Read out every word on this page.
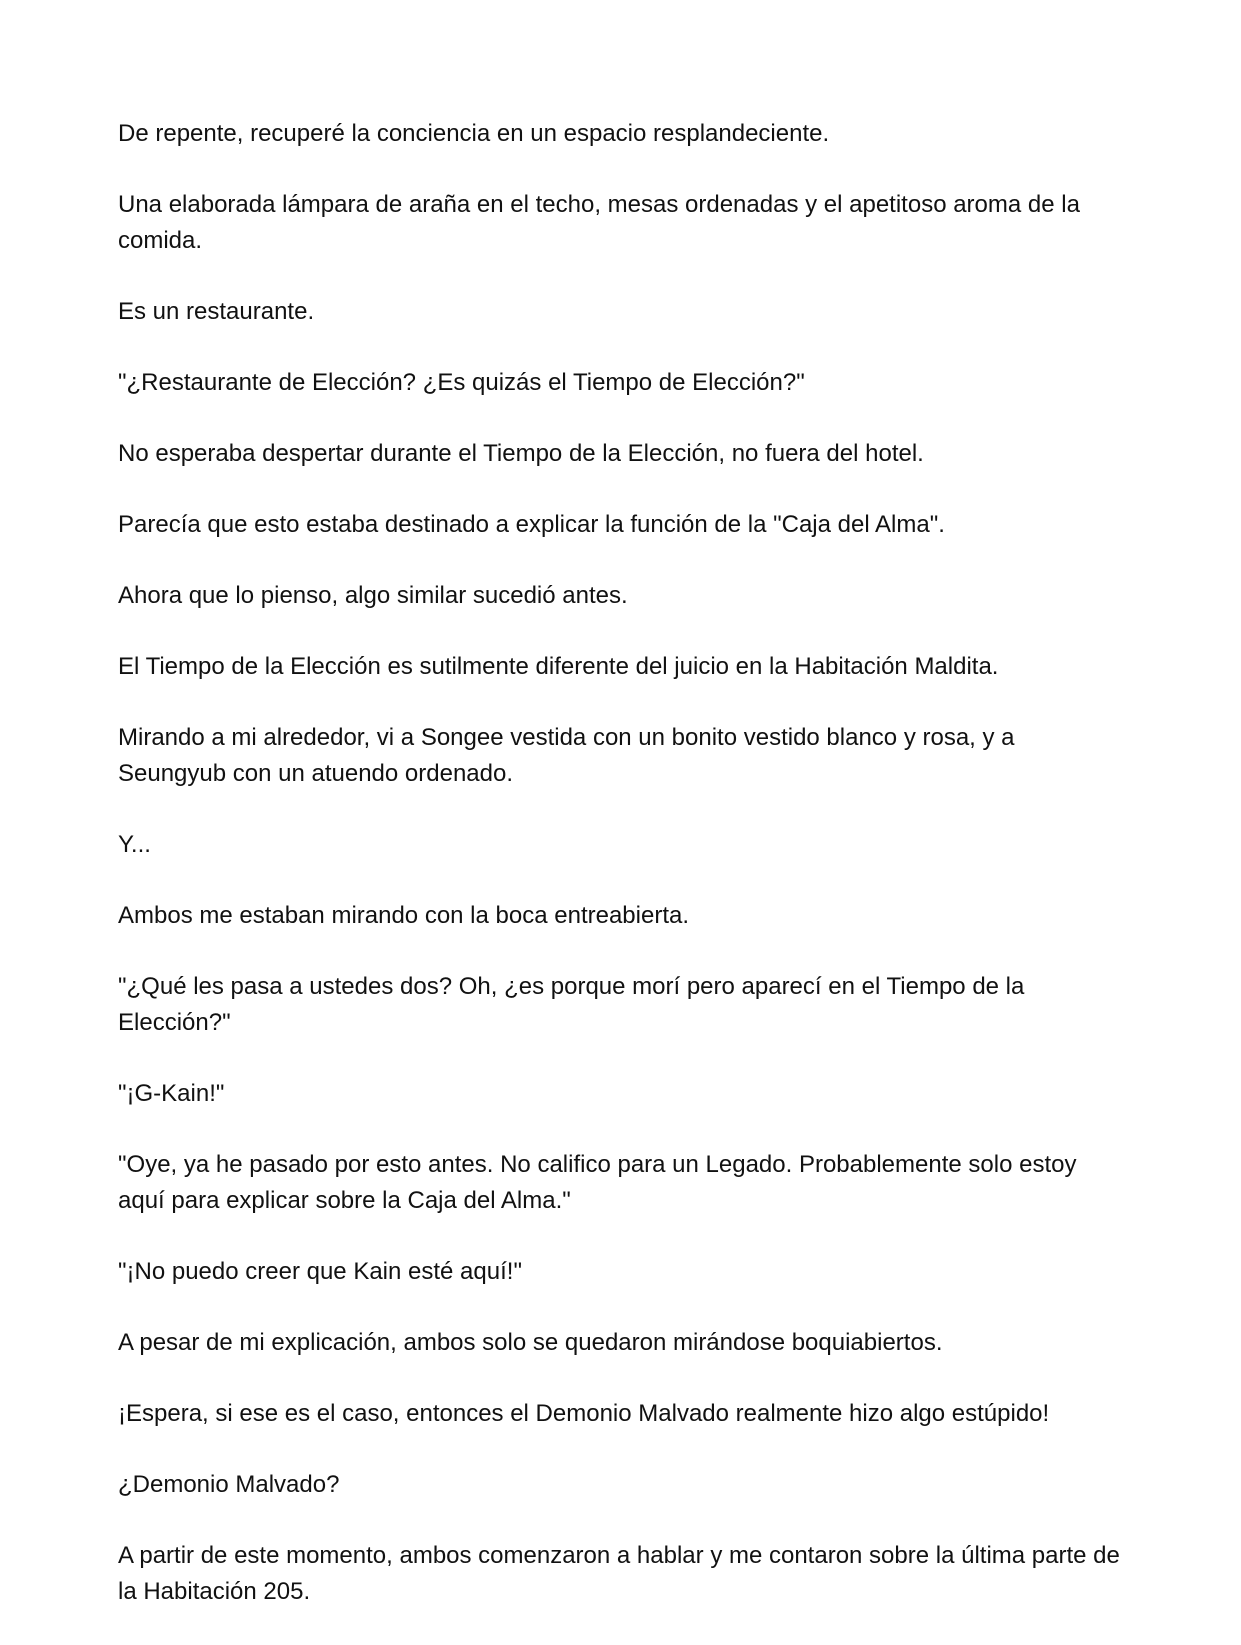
De repente, recuperé la conciencia en un espacio resplandeciente.

Una elaborada lámpara de araña en el techo, mesas ordenadas y el apetitoso aroma de la comida.

Es un restaurante.

"¿Restaurante de Elección? ¿Es quizás el Tiempo de Elección?"

No esperaba despertar durante el Tiempo de la Elección, no fuera del hotel.

Parecía que esto estaba destinado a explicar la función de la "Caja del Alma".

Ahora que lo pienso, algo similar sucedió antes.

El Tiempo de la Elección es sutilmente diferente del juicio en la Habitación Maldita.

Mirando a mi alrededor, vi a Songee vestida con un bonito vestido blanco y rosa, y a Seungyub con un atuendo ordenado.

Y...

Ambos me estaban mirando con la boca entreabierta.

"¿Qué les pasa a ustedes dos? Oh, ¿es porque morí pero aparecí en el Tiempo de la Elección?"

"¡G-Kain!"

"Oye, ya he pasado por esto antes. No califico para un Legado. Probablemente solo estoy aquí para explicar sobre la Caja del Alma."

"¡No puedo creer que Kain esté aquí!"

A pesar de mi explicación, ambos solo se quedaron mirándose boquiabiertos.

¡Espera, si ese es el caso, entonces el Demonio Malvado realmente hizo algo estúpido!

¿Demonio Malvado?

A partir de este momento, ambos comenzaron a hablar y me contaron sobre la última parte de la Habitación 205.
